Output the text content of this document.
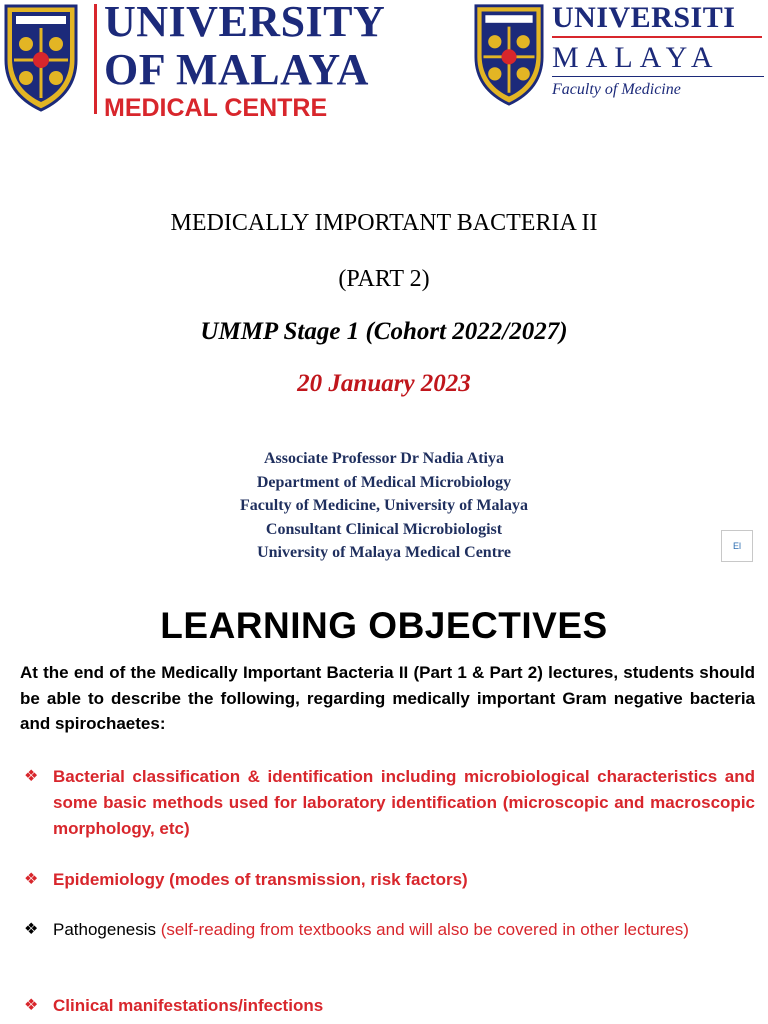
UNIVERSITY
OF MALAYA
MEDICAL CENTRE
UNIVERSITI
MALAYA
Faculty of Medicine
MEDICALLY IMPORTANT BACTERIA II
(PART 2)
UMMP Stage 1 (Cohort 2022/2027)
20 January 2023
Associate Professor Dr Nadia Atiya
Department of Medical Microbiology
Faculty of Medicine, University of Malaya
Consultant Clinical Microbiologist
University of Malaya Medical Centre	El
LEARNING OBJECTIVES
At the end of the Medically Important Bacteria II (Part 1 & Part 2) lectures, students should be able to describe the following, regarding medically important Gram negative bacteria and spirochaetes:
❖ Bacterial classification & identification including microbiological characteristics and some basic methods used for laboratory identification (microscopic and macroscopic morphology, etc)
❖ Epidemiology (modes of transmission, risk factors)
❖ Pathogenesis (self-reading from textbooks and will also be covered in other lectures)
❖ Clinical manifestations/infections
